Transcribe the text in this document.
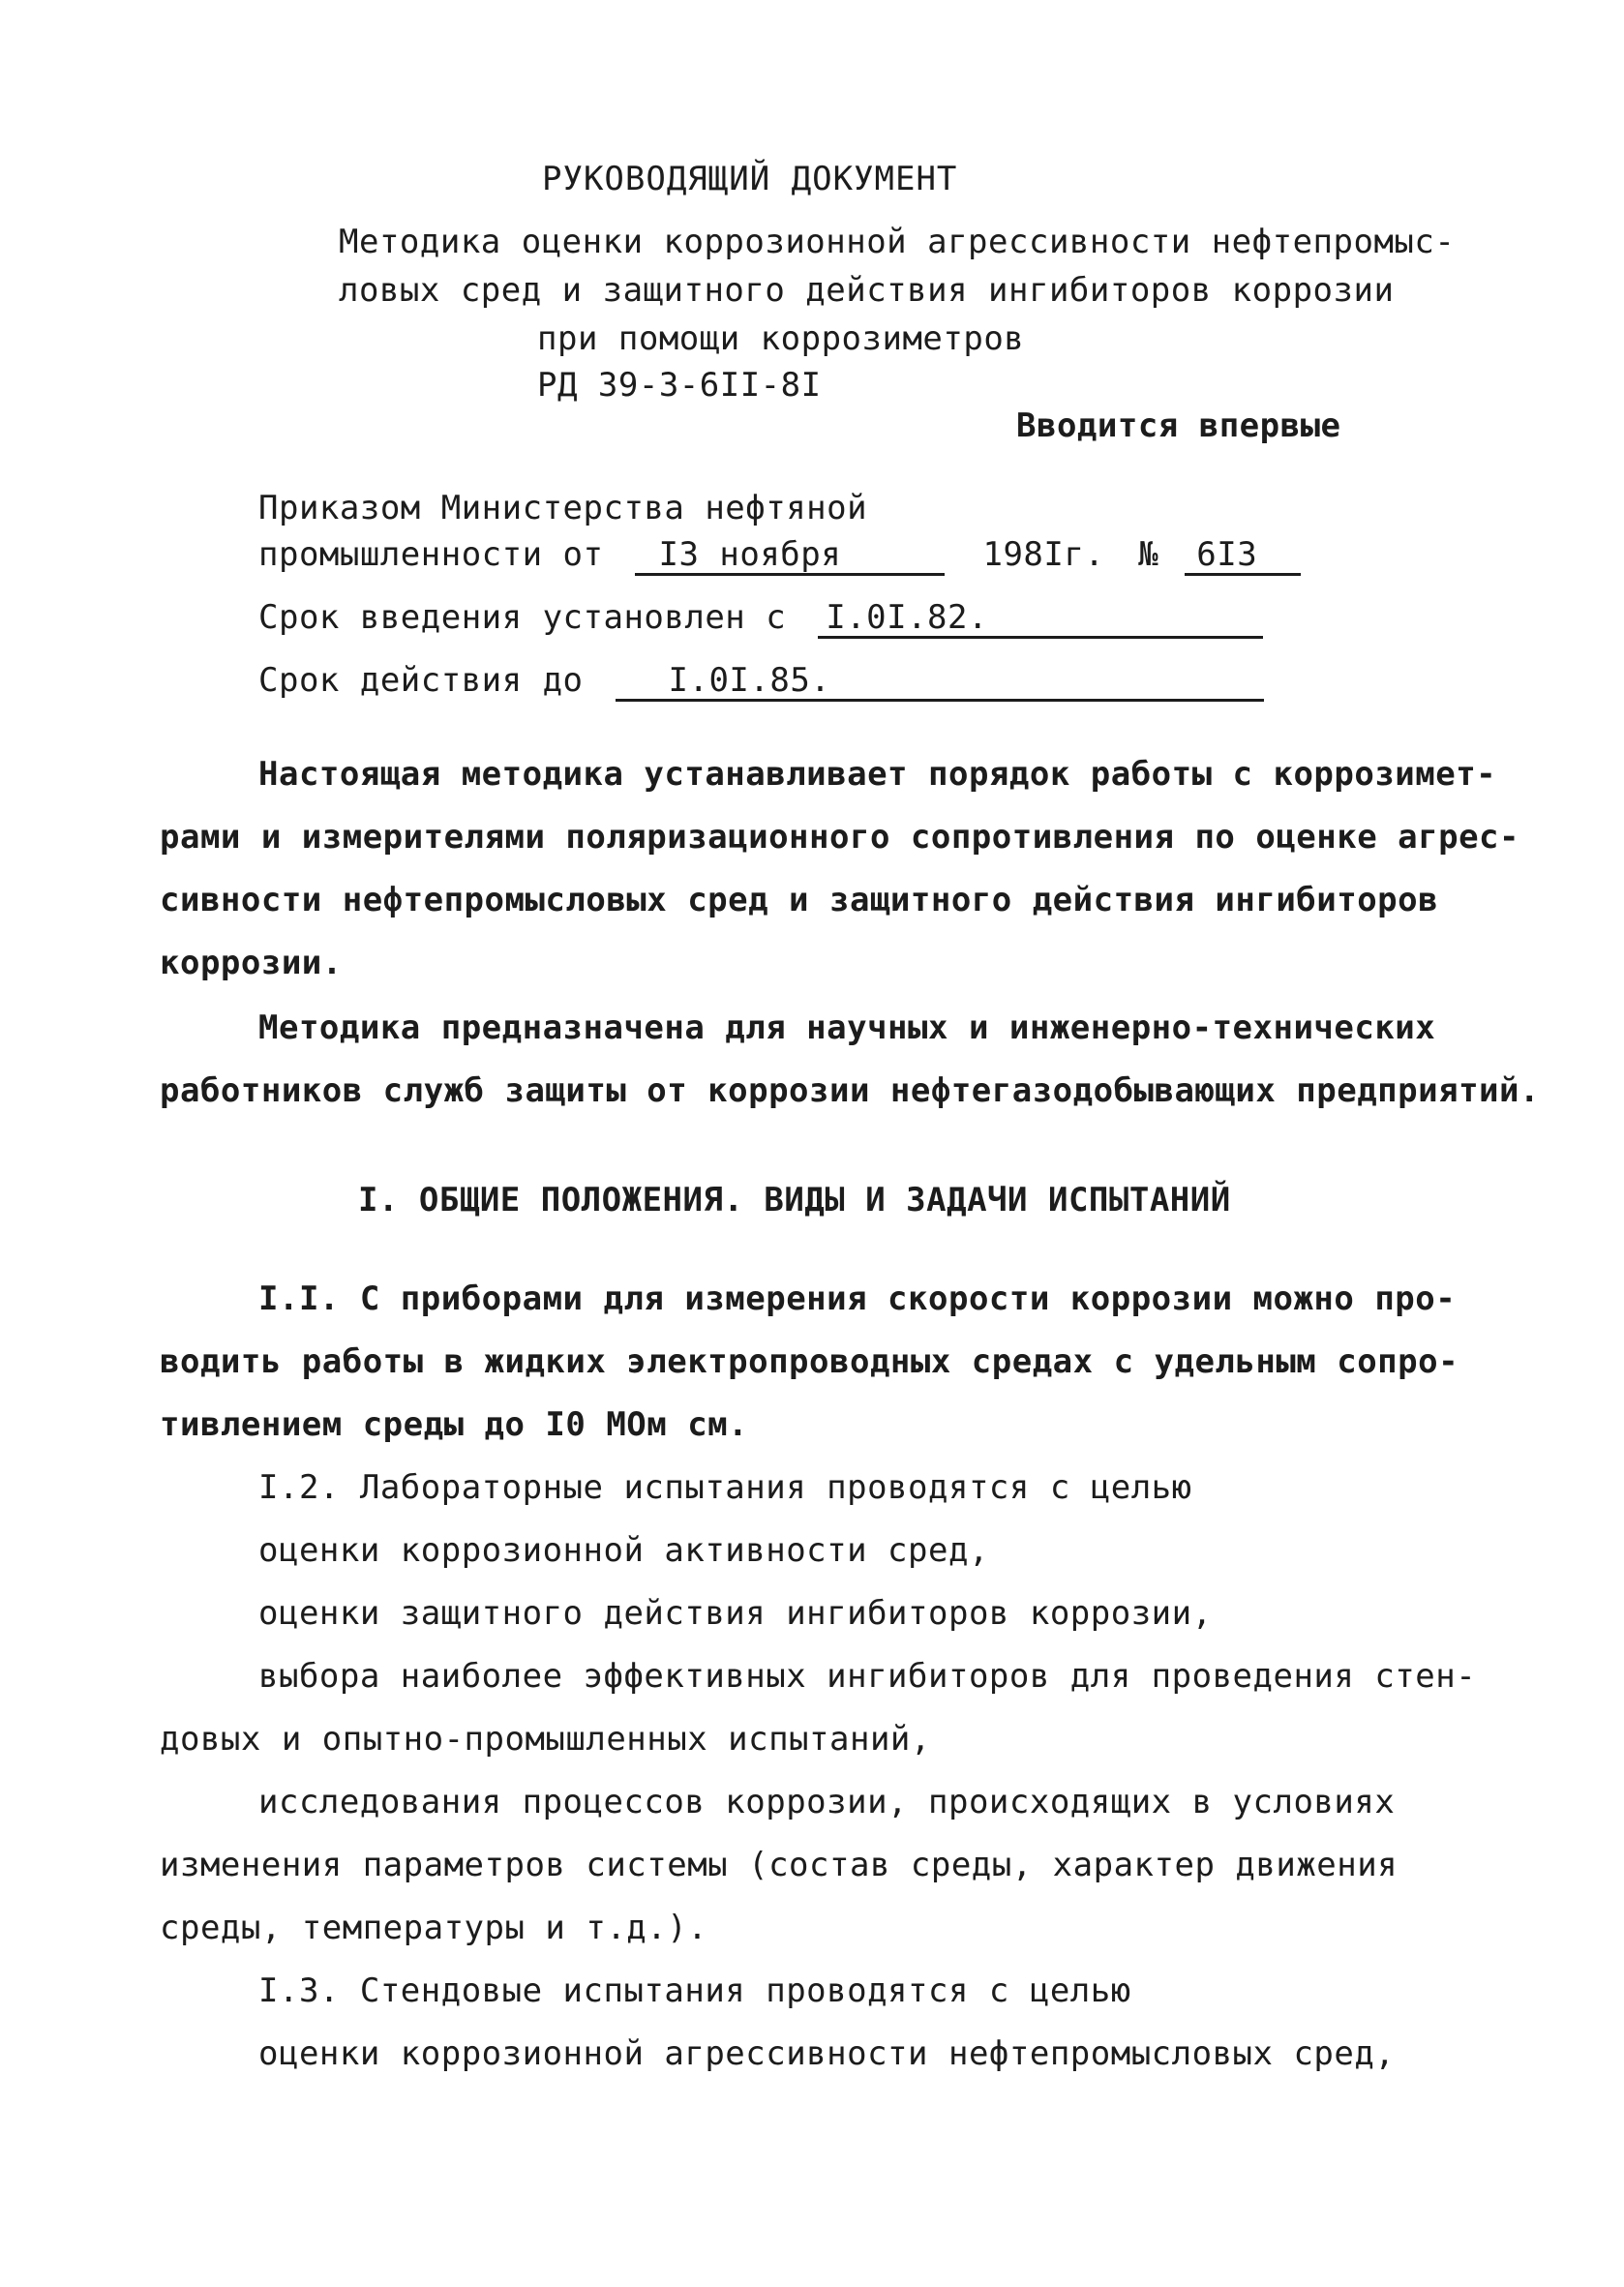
РУКОВОДЯЩИЙ ДОКУМЕНТ
Методика оценки коррозионной агрессивности нефтепромыс-
ловых сред и защитного действия ингибиторов коррозии
при помощи коррозиметров
РД 39-3-6II-8I
Вводится впервые
Приказом Министерства нефтяной
промышленности от I3 ноября	198Iг. № 6I3
Срок введения установлен с I.0I.82.
Срок действия до	I.0I.85.
Настоящая методика устанавливает порядок работы с коррозимет-
рами и измерителями поляризационного сопротивления по оценке агрес-
сивности нефтепромысловых сред и защитного действия ингибиторов
коррозии.
Методика предназначена для научных и инженерно-технических
работников служб защиты от коррозии нефтегазодобывающих предприятий.
I. ОБЩИЕ ПОЛОЖЕНИЯ. ВИДЫ И ЗАДАЧИ ИСПЫТАНИЙ
I.I. С приборами для измерения скорости коррозии можно про-
водить работы в жидких электропроводных средах с удельным сопро-
тивлением среды до I0 МОм см.
I.2. Лабораторные испытания проводятся с целью
оценки коррозионной активности сред,
оценки защитного действия ингибиторов коррозии,
выбора наиболее эффективных ингибиторов для проведения стен-
довых и опытно-промышленных испытаний,
исследования процессов коррозии, происходящих в условиях
изменения параметров системы (состав среды, характер движения
среды, температуры и т.д.).
I.3. Стендовые испытания проводятся с целью
оценки коррозионной агрессивности нефтепромысловых сред,
